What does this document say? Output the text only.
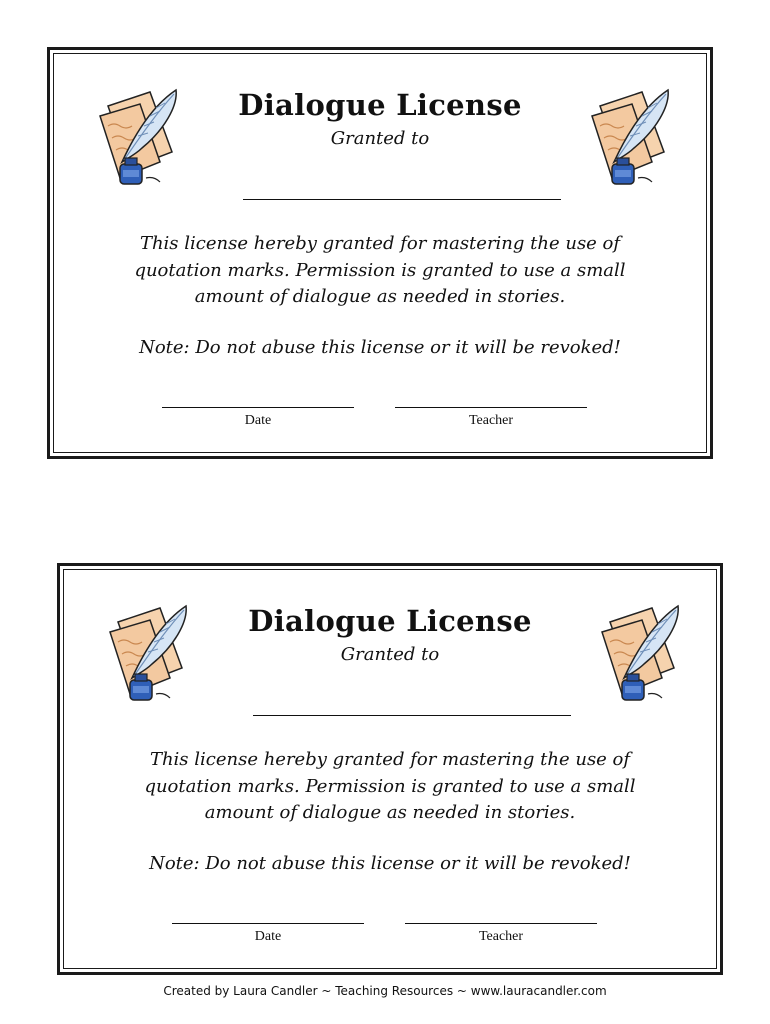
Dialogue License
Granted to
This license hereby granted for mastering the use of
quotation marks. Permission is granted to use a small
amount of dialogue as needed in stories.
Note: Do not abuse this license or it will be revoked!
Date	Teacher
Dialogue License
Granted to
This license hereby granted for mastering the use of
quotation marks. Permission is granted to use a small
amount of dialogue as needed in stories.
Note: Do not abuse this license or it will be revoked!
Date	Teacher
Created by Laura Candler ~ Teaching Resources ~ www.lauracandler.com
